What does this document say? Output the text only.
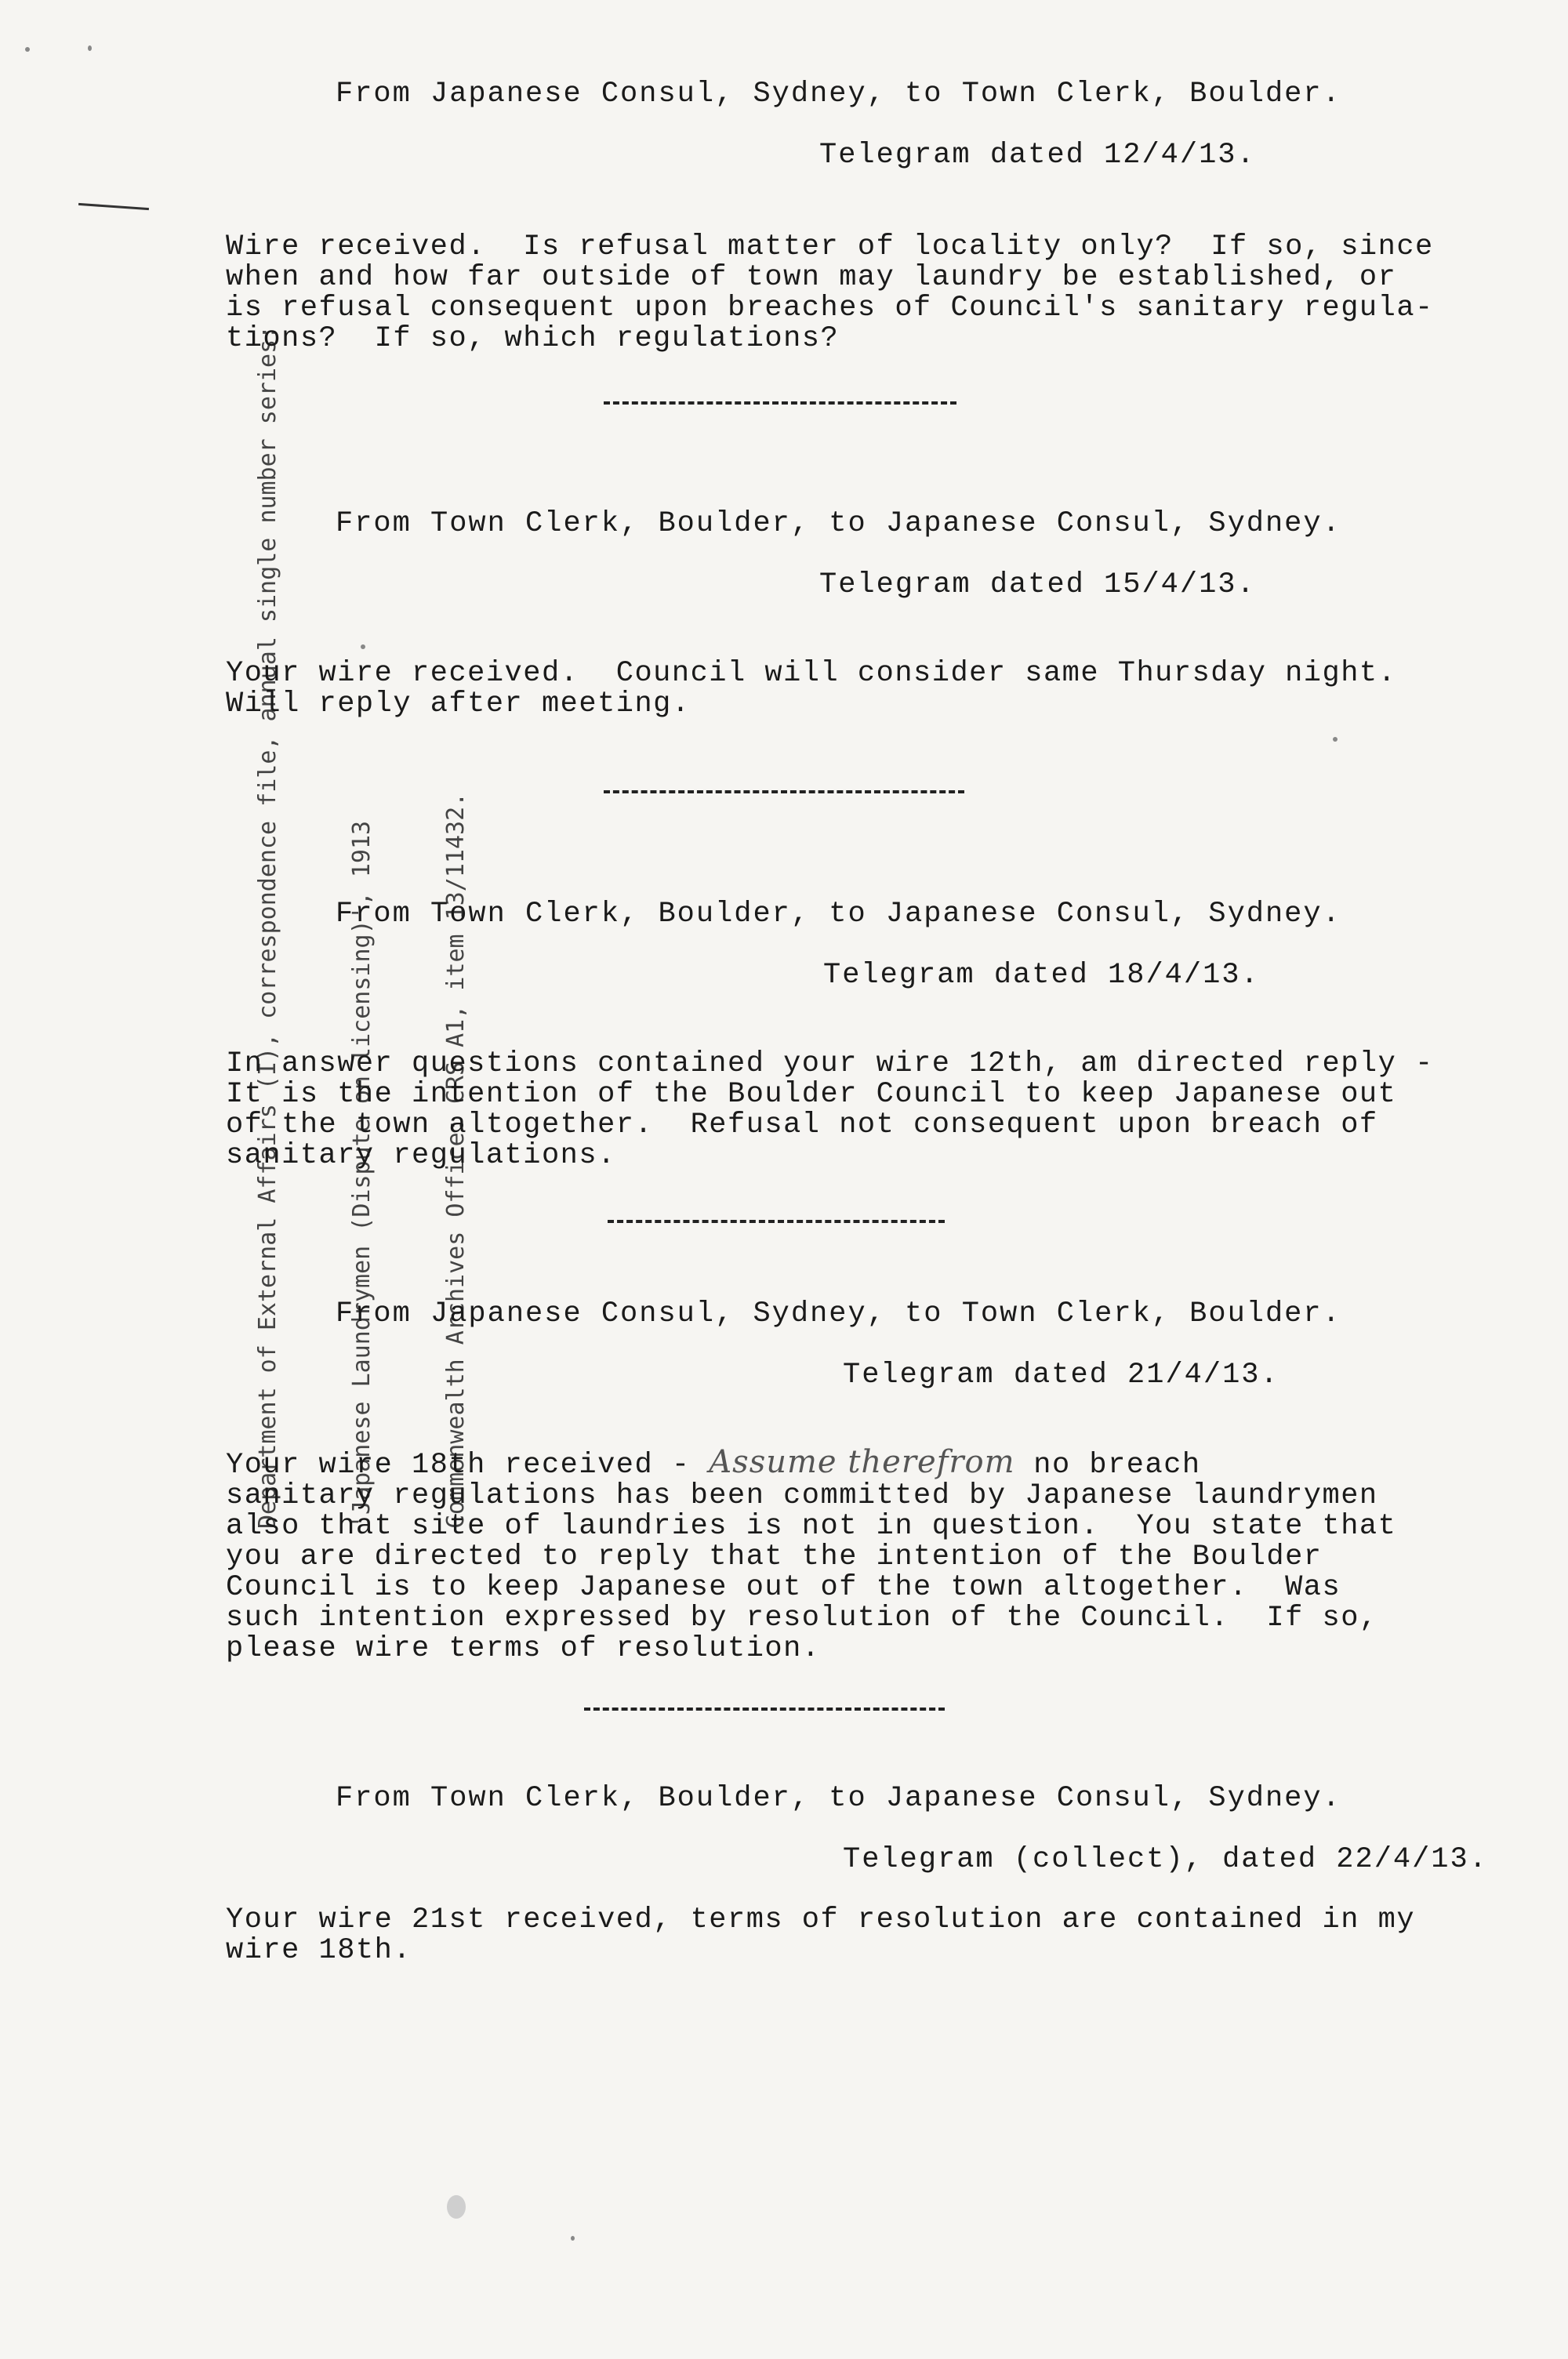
Department of External Affairs (I), correspondence file, annual single number series:

	'Japanese Laundrymen (Dispute on licensing)', 1913

	Commonwealth Archives Office: CRS A1, item 13/11432.

From Japanese Consul, Sydney, to Town Clerk, Boulder.
Telegram dated 12/4/13.
Wire received.  Is refusal matter of locality only?  If so, since
when and how far outside of town may laundry be established, or
is refusal consequent upon breaches of Council's sanitary regula-
tions?  If so, which regulations?
From Town Clerk, Boulder, to Japanese Consul, Sydney.
Telegram dated 15/4/13.
Your wire received.  Council will consider same Thursday night.
Will reply after meeting.
From Town Clerk, Boulder, to Japanese Consul, Sydney.
Telegram dated 18/4/13.
In answer questions contained your wire 12th, am directed reply -
It is the intention of the Boulder Council to keep Japanese out
of the town altogether.  Refusal not consequent upon breach of
sanitary regulations.
From Japanese Consul, Sydney, to Town Clerk, Boulder.
Telegram dated 21/4/13.
Your wire 18th received - Assume therefrom no breach
sanitary regulations has been committed by Japanese laundrymen
also that site of laundries is not in question.  You state that
you are directed to reply that the intention of the Boulder
Council is to keep Japanese out of the town altogether.  Was
such intention expressed by resolution of the Council.  If so,
please wire terms of resolution.
From Town Clerk, Boulder, to Japanese Consul, Sydney.
Telegram (collect), dated 22/4/13.
Your wire 21st received, terms of resolution are contained in my
wire 18th.
